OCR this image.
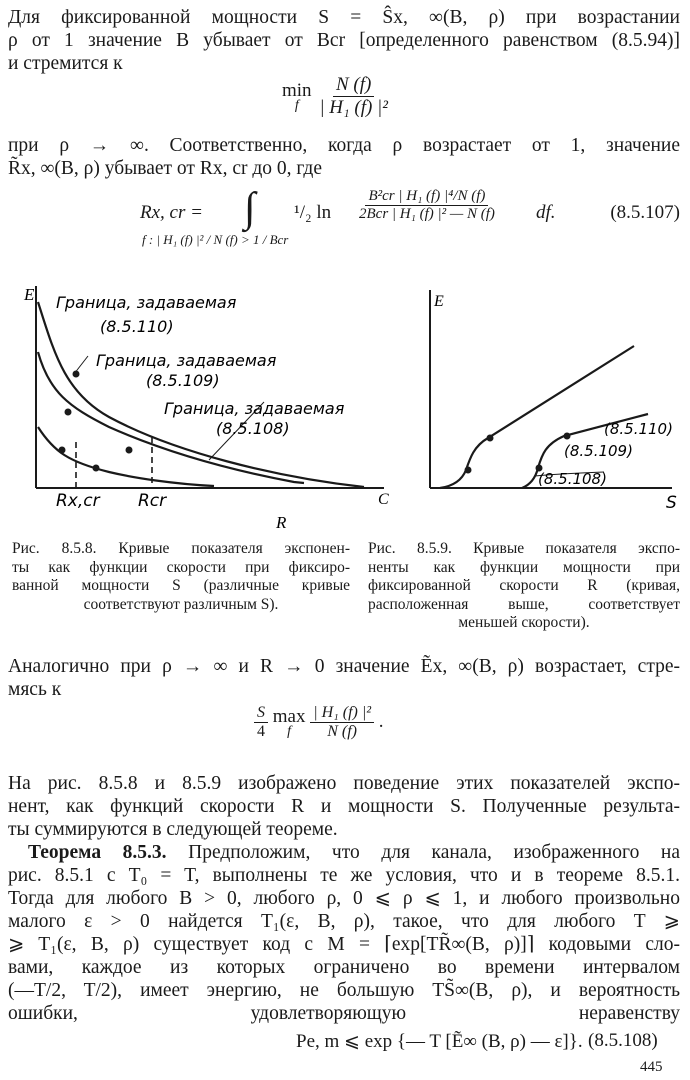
Для фиксированной мощности S = Ŝx, ∞(B, ρ) при возрастании
ρ от 1 значение B убывает от Bcr [определенного равенством (8.5.94)]
и стремится к
min
f
$\frac{N (f)}{\text{| H₁ (f) |²}}$
при ρ → ∞. Соответственно, когда ρ возрастает от 1, значение
R̃x, ∞(B, ρ) убывает от Rx, cr до 0, где
Rx, cr = ∫
f : | H₁ (f) |² / N (f) > 1 / Bcr
¹/₂ ln
B²cr | H₁ (f) |⁴/N (f)
2Bcr | H₁ (f) |² — N (f) df.	(8.5.107)
E Граница, задаваемая
(8.5.110)
Граница, задаваемая
(8.5.109)
Граница, задаваемая
(8.5.108)
Rx,cr Rcr	C
R
E
(8.5.110)
(8.5.109)
(8.5.108)
S
Рис. 8.5.8. Кривые показателя экспонен-
ты как функции скорости при фиксиро-
ванной мощности S (различные кривые
соответствуют различным S).
Рис. 8.5.9. Кривые показателя экспо-
ненты как функции мощности при
фиксированной скорости R (кривая,
расположенная выше, соответствует
меньшей скорости).
Аналогично при ρ → ∞ и R → 0 значение Ẽx, ∞(B, ρ) возрастает, стре-
мясь к
$\frac{S}{4}$
max
f
	$\frac{\text{| H₁ (f) |²}}{N (f)}$ .
На рис. 8.5.8 и 8.5.9 изображено поведение этих показателей экспо-
нент, как функций скорости R и мощности S. Полученные результа-
ты суммируются в следующей теореме.
Теорема 8.5.3. Предположим, что для канала, изображенного на
рис. 8.5.1 с T₀ = T, выполнены те же условия, что и в теореме 8.5.1.
Тогда для любого B > 0, любого ρ, 0 ⩽ ρ ⩽ 1, и любого произвольно
малого ε > 0 найдется T₁(ε, B, ρ), такое, что для любого T ⩾
⩾ T₁(ε, B, ρ) существует код с M = ⌈exp[TR̃∞(B, ρ)]⌉ кодовыми сло-
вами, каждое из которых ограничено во времени интервалом
(—T/2, T/2), имеет энергию, не большую TS̃∞(B, ρ), и вероятность
ошибки, удовлетворяющую неравенству
Pe, m ⩽ exp {— T [Ẽ∞ (B, ρ) — ε]}. (8.5.108)
445
